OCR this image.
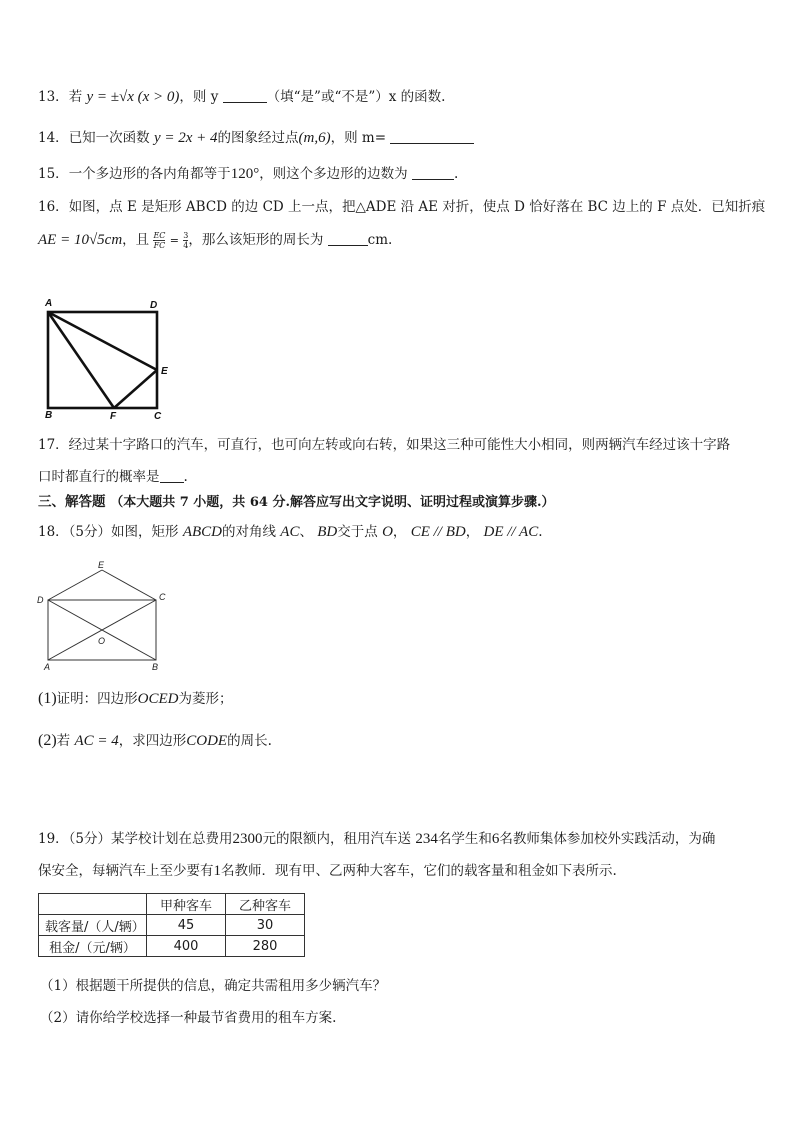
13．若 y = ±√x (x > 0)，则 y	（填“是”或“不是”）x 的函数.
14．已知一次函数 y = 2x + 4的图象经过点(m,6)，则 m=
15．一个多边形的各内角都等于120°，则这个多边形的边数为	.
16．如图，点 E 是矩形 ABCD 的边 CD 上一点，把△ADE 沿 AE 对折，使点 D 恰好落在 BC 边上的 F 点处．已知折痕
AE = 10√5cm，且 $\frac{EC}{FC} = \frac{3}{4}$ ，那么该矩形的周长为	cm.
A	D
E
B	F	C
17．经过某十字路口的汽车，可直行，也可向左转或向右转，如果这三种可能性大小相同，则两辆汽车经过该十字路
口时都直行的概率是 .
三、解答题 （本大题共 7 小题，共 64 分.解答应写出文字说明、证明过程或演算步骤.）
18．（5分）如图，矩形 ABCD的对角线 AC、 BD交于点 O， CE // BD， DE // AC.
E
D	C
O
A	B
(1)证明：四边形OCED为菱形；
(2)若 AC = 4，求四边形CODE的周长.
19．（5分）某学校计划在总费用2300元的限额内，租用汽车送 234名学生和6名教师集体参加校外实践活动，为确
保安全，每辆汽车上至少要有1名教师．现有甲、乙两种大客车，它们的载客量和租金如下表所示.
	甲种客车	乙种客车
载客量/（人/辆）	45	30
租金/（元/辆）	400	280
（1）根据题干所提供的信息，确定共需租用多少辆汽车？
（2）请你给学校选择一种最节省费用的租车方案.
